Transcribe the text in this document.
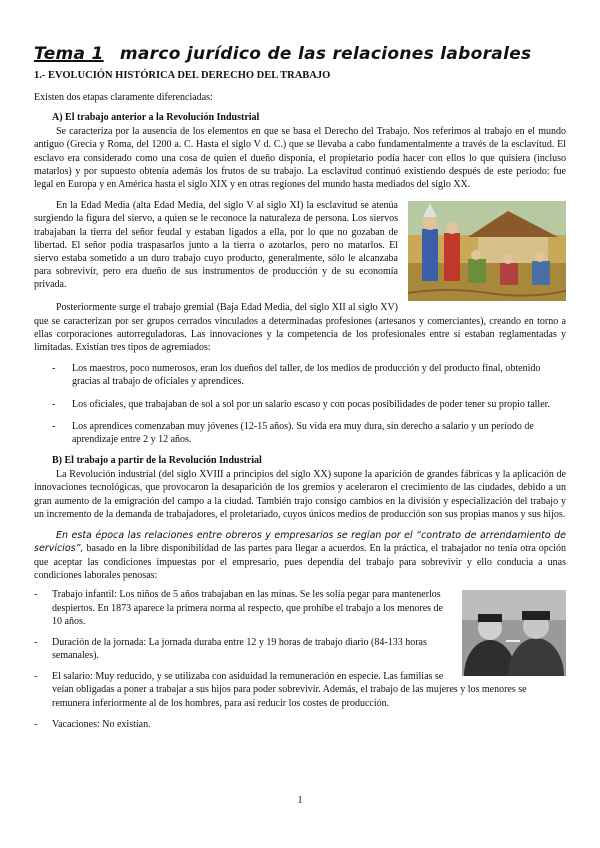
Tema 1 marco jurídico de las relaciones laborales
1.- EVOLUCIÓN HISTÓRICA DEL DERECHO DEL TRABAJO

Existen dos etapas claramente diferenciadas:

A) El trabajo anterior a la Revolución Industrial

Se caracteriza por la ausencia de los elementos en que se basa el Derecho del Trabajo. Nos referimos al trabajo en el mundo antiguo (Grecia y Roma, del 1200 a. C. Hasta el siglo V d. C.) que se llevaba a cabo fundamentalmente a través de la esclavitud. El esclavo era considerado como una cosa de quien el dueño disponía, el propietario podía hacer con ellos lo que quisiera (incluso matarlos) y por supuesto obtenía además los frutos de su trabajo. La esclavitud continuó existiendo después de este período: fue legal en Europa y en América hasta el siglo XIX y en otras regiones del mundo hasta mediados del siglo XX.

En la Edad Media (alta Edad Media, del siglo V al siglo XI) la esclavitud se atenúa surgiendo la figura del siervo, a quien se le reconoce la naturaleza de persona. Los siervos trabajaban la tierra del señor feudal y estaban ligados a ella, por lo que no gozaban de libertad. El señor podía traspasarlos junto a la tierra o azotarlos, pero no matarlos. El siervo estaba sometido a un duro trabajo cuyo producto, generalmente, sólo le alcanzaba para sobrevivir, pero era dueño de sus instrumentos de producción y de su economía privada.

Posteriormente surge el trabajo gremial (Baja Edad Media, del siglo XII al siglo XV) que se caracterizan por ser grupos cerrados vinculados a determinadas profesiones (artesanos y comerciantes), creando en torno a ellas corporaciones autorreguladoras. Las innovaciones y la competencia de los profesionales entre sí estaban reglamentadas y limitadas. Existían tres tipos de agremiados:

- Los maestros, poco numerosos, eran los dueños del taller, de los medios de producción y del producto final, obtenido gracias al trabajo de oficiales y aprendices.
- Los oficiales, que trabajaban de sol a sol por un salario escaso y con pocas posibilidades de poder tener su propio taller.
- Los aprendices comenzaban muy jóvenes (12-15 años). Su vida era muy dura, sin derecho a salario y un período de aprendizaje entre 2 y 12 años.
B) El trabajo a partir de la Revolución Industrial

La Revolución industrial (del siglo XVIII a principios del siglo XX) supone la aparición de grandes fábricas y la aplicación de innovaciones tecnológicas, que provocaron la desaparición de los gremios y aceleraron el crecimiento de las ciudades, debido a un gran aumento de la emigración del campo a la ciudad. También trajo consigo cambios en la división y especialización del trabajo y un incremento de la demanda de trabajadores, el proletariado, cuyos únicos medios de producción son sus propias manos y sus hijos.

En esta época las relaciones entre obreros y empresarios se regían por el “contrato de arrendamiento de servicios”, basado en la libre disponibilidad de las partes para llegar a acuerdos. En la práctica, el trabajador no tenía otra opción que aceptar las condiciones impuestas por el empresario, pues dependía del trabajo para sobrevivir y ello conducía a unas condiciones laborales penosas:

- Trabajo infantil: Los niños de 5 años trabajaban en las minas. Se les solía pegar para mantenerlos despiertos. En 1873 aparece la primera norma al respecto, que prohíbe el trabajo a los menores de 10 años.
- Duración de la jornada: La jornada duraba entre 12 y 19 horas de trabajo diario (84-133 horas semanales).
- El salario: Muy reducido, y se utilizaba con asiduidad la remuneración en especie. Las familias se veían obligadas a poner a trabajar a sus hijos para poder sobrevivir. Además, el trabajo de las mujeres y los menores se remunera inferiormente al de los hombres, para así reducir los costes de producción.
- Vacaciones: No existían.
1
